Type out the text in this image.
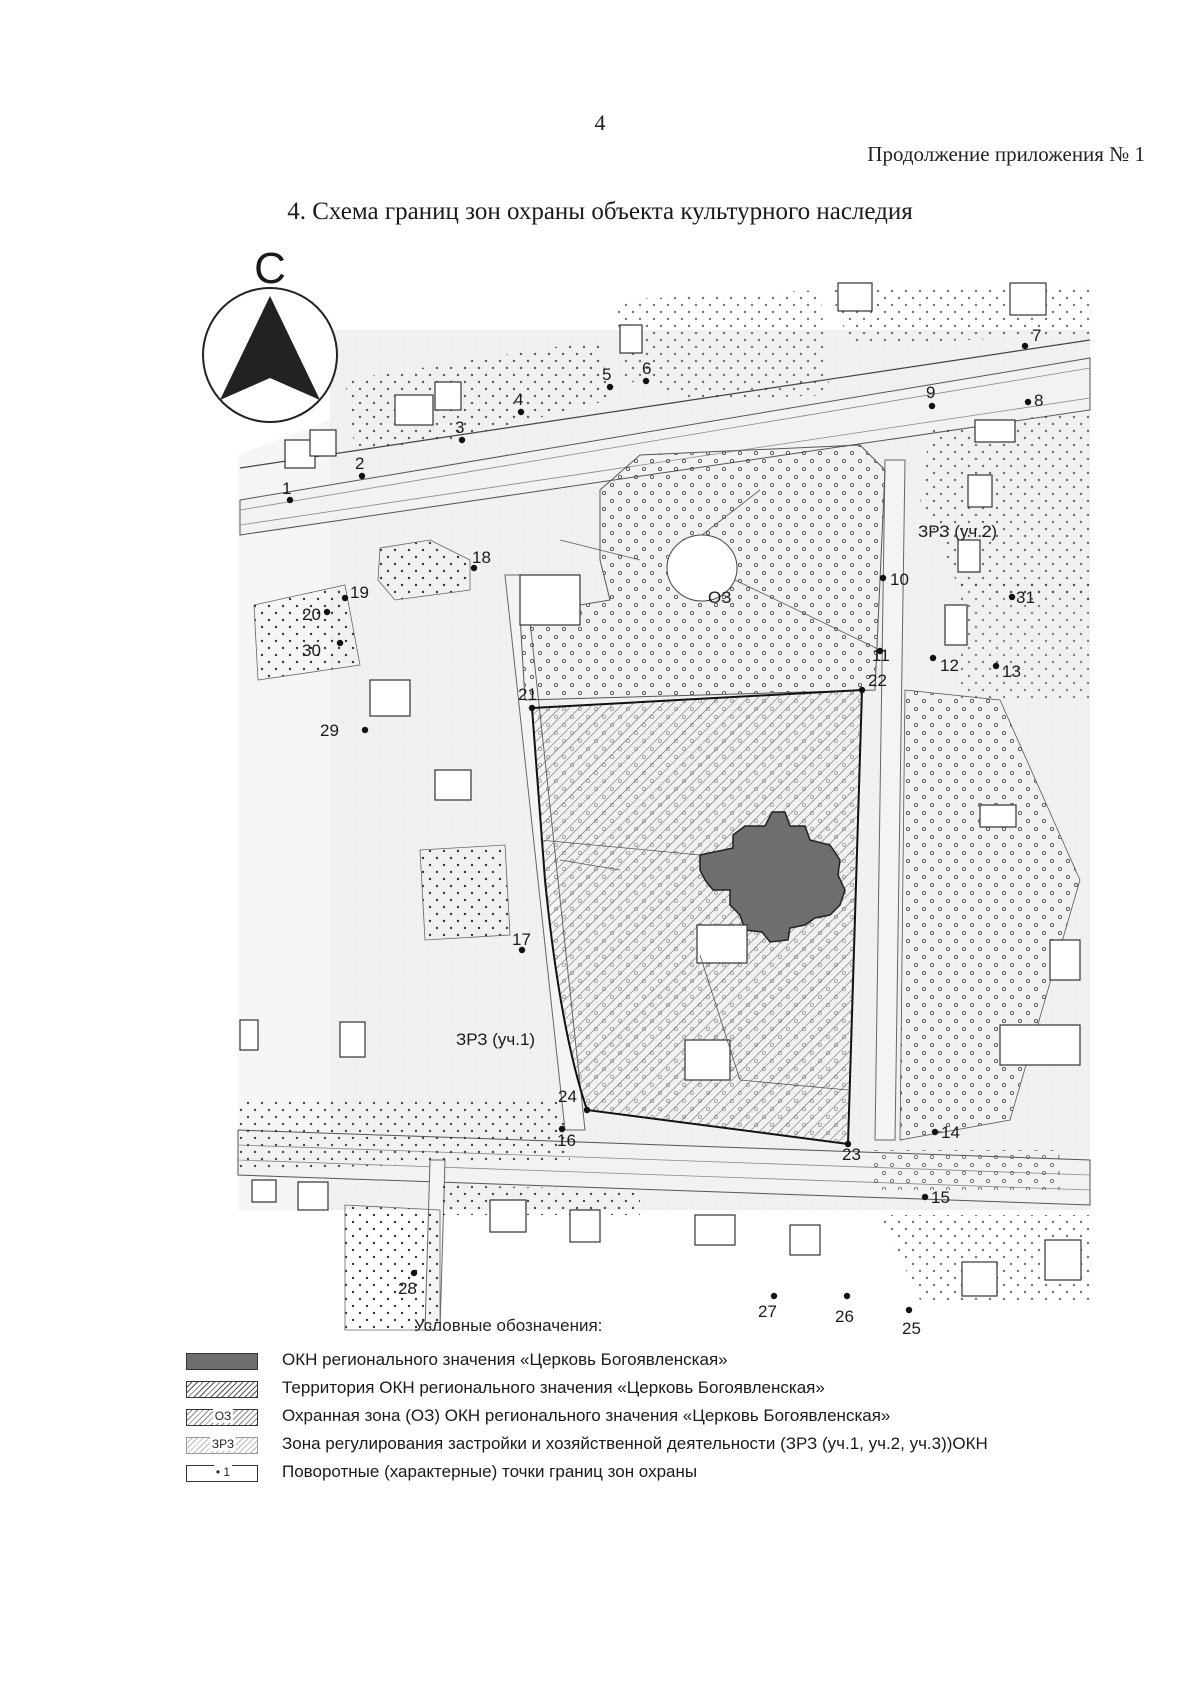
4
Продолжение приложения № 1
4. Схема границ зон охраны объекта культурного наследия
С
ОЗ
ЗРЗ (уч.2)
ЗРЗ (уч.1)
1
2
3
4
5 6
7
8
9
10
11
12	13
14
15
16
17
18
19
20
21
22
23
24
25
26
27
28
29
30
31
Условные обозначения:
ОКН регионального значения «Церковь Богоявленская»
Территория ОКН регионального значения «Церковь Богоявленская»
ОЗ	Охранная зона (ОЗ) ОКН регионального значения «Церковь Богоявленская»
ЗРЗ	Зона регулирования застройки и хозяйственной деятельности (ЗРЗ (уч.1, уч.2, уч.3))ОКН
• 1	Поворотные (характерные) точки границ зон охраны
